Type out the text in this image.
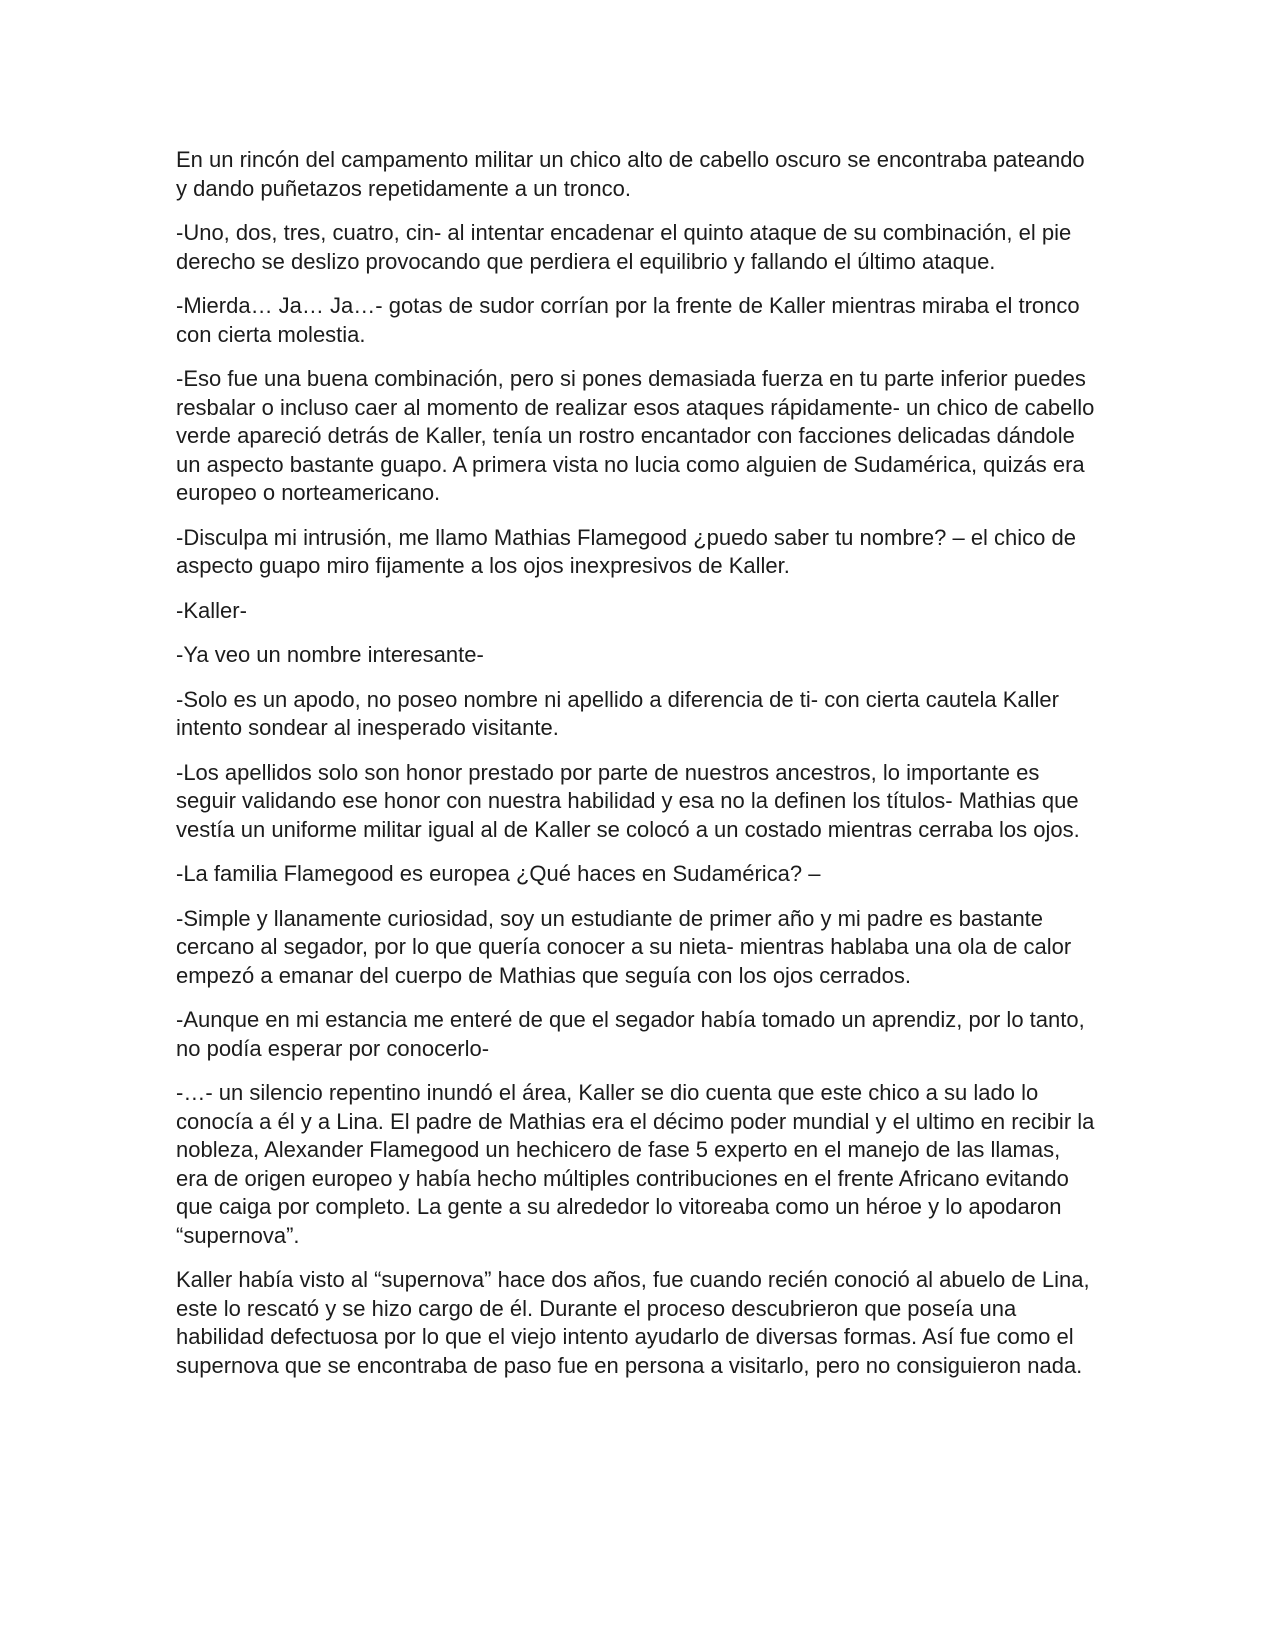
En un rincón del campamento militar un chico alto de cabello oscuro se encontraba pateando y dando puñetazos repetidamente a un tronco.

-Uno, dos, tres, cuatro, cin- al intentar encadenar el quinto ataque de su combinación, el pie derecho se deslizo provocando que perdiera el equilibrio y fallando el último ataque.

-Mierda… Ja… Ja…- gotas de sudor corrían por la frente de Kaller mientras miraba el tronco con cierta molestia.

-Eso fue una buena combinación, pero si pones demasiada fuerza en tu parte inferior puedes resbalar o incluso caer al momento de realizar esos ataques rápidamente- un chico de cabello verde apareció detrás de Kaller, tenía un rostro encantador con facciones delicadas dándole un aspecto bastante guapo. A primera vista no lucia como alguien de Sudamérica, quizás era europeo o norteamericano.

-Disculpa mi intrusión, me llamo Mathias Flamegood ¿puedo saber tu nombre? – el chico de aspecto guapo miro fijamente a los ojos inexpresivos de Kaller.

-Kaller-

-Ya veo un nombre interesante-

-Solo es un apodo, no poseo nombre ni apellido a diferencia de ti- con cierta cautela Kaller intento sondear al inesperado visitante.

-Los apellidos solo son honor prestado por parte de nuestros ancestros, lo importante es seguir validando ese honor con nuestra habilidad y esa no la definen los títulos- Mathias que vestía un uniforme militar igual al de Kaller se colocó a un costado mientras cerraba los ojos.

-La familia Flamegood es europea ¿Qué haces en Sudamérica? –

-Simple y llanamente curiosidad, soy un estudiante de primer año y mi padre es bastante cercano al segador, por lo que quería conocer a su nieta- mientras hablaba una ola de calor empezó a emanar del cuerpo de Mathias que seguía con los ojos cerrados.

-Aunque en mi estancia me enteré de que el segador había tomado un aprendiz, por lo tanto, no podía esperar por conocerlo-

-…- un silencio repentino inundó el área, Kaller se dio cuenta que este chico a su lado lo conocía a él y a Lina. El padre de Mathias era el décimo poder mundial y el ultimo en recibir la nobleza, Alexander Flamegood un hechicero de fase 5 experto en el manejo de las llamas, era de origen europeo y había hecho múltiples contribuciones en el frente Africano evitando que caiga por completo. La gente a su alrededor lo vitoreaba como un héroe y lo apodaron “supernova”.

Kaller había visto al “supernova” hace dos años, fue cuando recién conoció al abuelo de Lina, este lo rescató y se hizo cargo de él. Durante el proceso descubrieron que poseía una habilidad defectuosa por lo que el viejo intento ayudarlo de diversas formas. Así fue como el supernova que se encontraba de paso fue en persona a visitarlo, pero no consiguieron nada.
